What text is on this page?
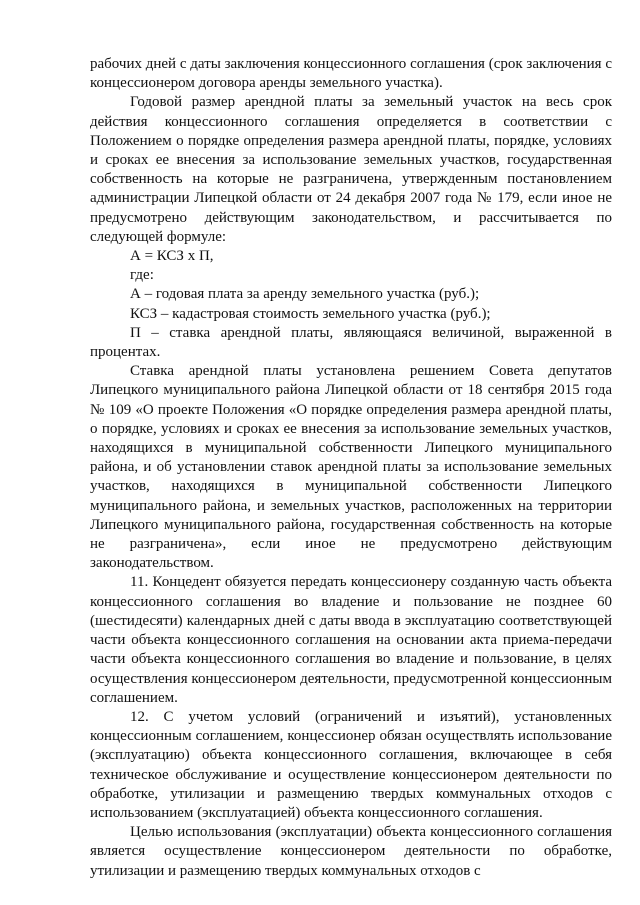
рабочих дней с даты заключения концессионного соглашения (срок заключения с концессионером договора аренды земельного участка).

Годовой размер арендной платы за земельный участок на весь срок действия концессионного соглашения определяется в соответствии с Положением о порядке определения размера арендной платы, порядке, условиях и сроках ее внесения за использование земельных участков, государственная собственность на которые не разграничена, утвержденным постановлением администрации Липецкой области от 24 декабря 2007 года № 179, если иное не предусмотрено действующим законодательством, и рассчитывается по следующей формуле:

А = КСЗ х П,

где:

А – годовая плата за аренду земельного участка (руб.);

КСЗ – кадастровая стоимость земельного участка (руб.);

П – ставка арендной платы, являющаяся величиной, выраженной в процентах.

Ставка арендной платы установлена решением Совета депутатов Липецкого муниципального района Липецкой области от 18 сентября 2015 года № 109 «О проекте Положения «О порядке определения размера арендной платы, о порядке, условиях и сроках ее внесения за использование земельных участков, находящихся в муниципальной собственности Липецкого муниципального района, и об установлении ставок арендной платы за использование земельных участков, находящихся в муниципальной собственности Липецкого муниципального района, и земельных участков, расположенных на территории Липецкого муниципального района, государственная собственность на которые не разграничена», если иное не предусмотрено действующим законодательством.

11. Концедент обязуется передать концессионеру созданную часть объекта концессионного соглашения во владение и пользование не позднее 60 (шестидесяти) календарных дней с даты ввода в эксплуатацию соответствующей части объекта концессионного соглашения на основании акта приема-передачи части объекта концессионного соглашения во владение и пользование, в целях осуществления концессионером деятельности, предусмотренной концессионным соглашением.

12. С учетом условий (ограничений и изъятий), установленных концессионным соглашением, концессионер обязан осуществлять использование (эксплуатацию) объекта концессионного соглашения, включающее в себя техническое обслуживание и осуществление концессионером деятельности по обработке, утилизации и размещению твердых коммунальных отходов с использованием (эксплуатацией) объекта концессионного соглашения.

Целью использования (эксплуатации) объекта концессионного соглашения является осуществление концессионером деятельности по обработке, утилизации и размещению твердых коммунальных отходов с
